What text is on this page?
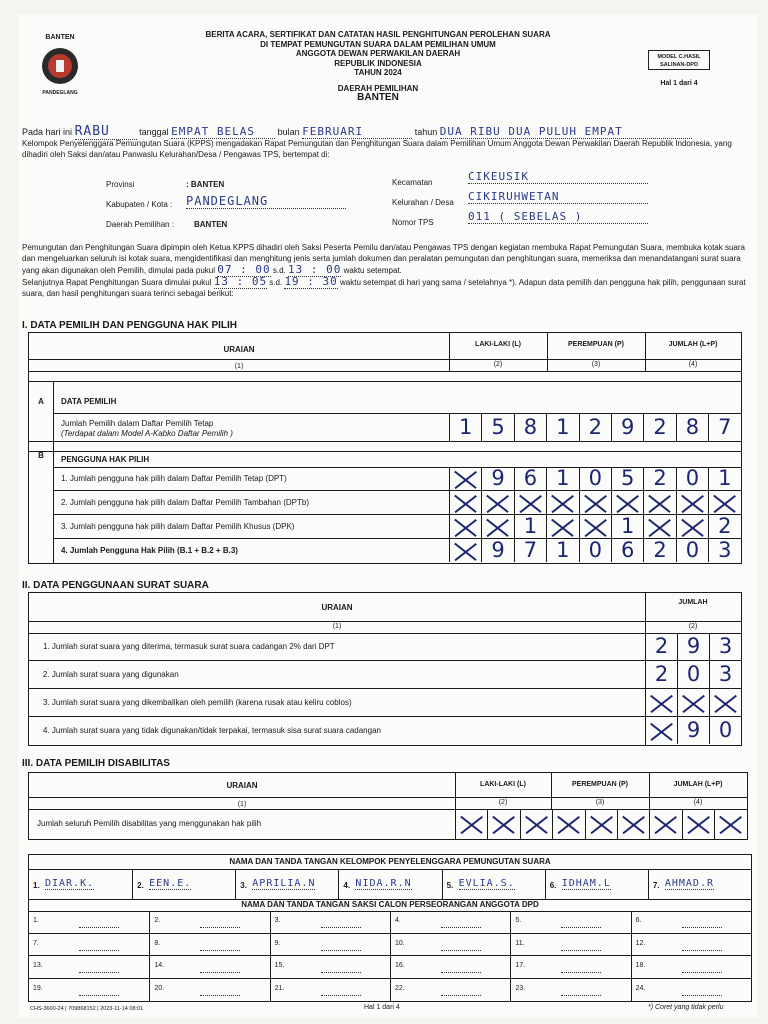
BANTEN
PANDEGLANG
BERITA ACARA, SERTIFIKAT DAN CATATAN HASIL PENGHITUNGAN PEROLEHAN SUARA
DI TEMPAT PEMUNGUTAN SUARA DALAM PEMILIHAN UMUM
ANGGOTA DEWAN PERWAKILAN DAERAH
REPUBLIK INDONESIA
TAHUN 2024
DAERAH PEMILIHAN
BANTEN
MODEL C.HASIL
SALINAN-DPD
Hal 1 dari 4
Pada hari ini RABU	tanggal EMPAT BELAS	bulan FEBRUARI	tahun DUA RIBU DUA PULUH EMPAT
Kelompok Penyelenggara Pemungutan Suara (KPPS) mengadakan Rapat Pemungutan dan Penghitungan Suara dalam Pemilihan Umum Anggota Dewan Perwakilan Daerah Republik Indonesia, yang dihadiri oleh Saksi dan/atau Panwaslu Kelurahan/Desa / Pengawas TPS, bertempat di:
Provinsi	: BANTEN
Kabupaten / Kota : PANDEGLANG
Daerah Pemilihan : BANTEN
Kecamatan	CIKEUSIK
Kelurahan / Desa CIKIRUHWETAN
Nomor TPS	011 ( SEBELAS )
Pemungutan dan Penghitungan Suara dipimpin oleh Ketua KPPS dihadiri oleh Saksi Peserta Pemilu dan/atau Pengawas TPS dengan kegiatan membuka Rapat Pemungutan Suara, membuka kotak suara dan mengeluarkan seluruh isi kotak suara, mengidentifikasi dan menghitung jenis serta jumlah dokumen dan peralatan pemungutan dan penghitungan suara, memeriksa dan menandatangani surat suara yang akan digunakan oleh Pemilih, dimulai pada pukul 07 : 00 s.d. 13 : 00 waktu setempat.
Selanjutnya Rapat Penghitungan Suara dimulai pukul 13 : 05 s.d. 19 : 30 waktu setempat di hari yang sama / setelahnya *). Adapun data pemilih dan pengguna hak pilih, penggunaan surat suara, dan hasil penghitungan suara terinci sebagai berikut:
I. DATA PEMILIH DAN PENGGUNA HAK PILIH
URAIAN
(1)
LAKI-LAKI (L)	PEREMPUAN (P)	JUMLAH (L+P)
(2)	(3)	(4)
A	DATA PEMILIH
Jumlah Pemilih dalam Daftar Pemilih Tetap
(Terdapat dalam Model A-Kabko Daftar Pemilih )	1 5 8 1 2 9 2 8 7
B	PENGGUNA HAK PILIH
1. Jumlah pengguna hak pilih dalam Daftar Pemilih Tetap (DPT)	9 6 1 0 5 2 0 1
2. Jumlah pengguna hak pilih dalam Daftar Pemilih Tambahan (DPTb)
3. Jumlah pengguna hak pilih dalam Daftar Pemilih Khusus (DPK)	1	1	2
4. Jumlah Pengguna Hak Pilih (B.1 + B.2 + B.3)	9 7 1 0 6 2 0 3
II. DATA PENGGUNAAN SURAT SUARA
URAIAN
JUMLAH
(1)	(2)
1. Jumlah surat suara yang diterima, termasuk surat suara cadangan 2% dari DPT	2 9 3
2. Jumlah surat suara yang digunakan	2 0 3
3. Jumlah surat suara yang dikembalikan oleh pemilih (karena rusak atau keliru coblos)
4. Jumlah surat suara yang tidak digunakan/tidak terpakai, termasuk sisa surat suara cadangan	9 0
III. DATA PEMILIH DISABILITAS
URAIAN
(1)
LAKI-LAKI (L)	PEREMPUAN (P)	JUMLAH (L+P)
(2)	(3)	(4)
Jumlah seluruh Pemilih disabilitas yang menggunakan hak pilih
NAMA DAN TANDA TANGAN KELOMPOK PENYELENGGARA PEMUNGUTAN SUARA
1. DIAR.K.	2. EEN.E.	3. APRILIA.N	4. NIDA.R.N	5. EVLIA.S.	6. IDHAM.L	7. AHMAD.R
NAMA DAN TANDA TANGAN SAKSI CALON PERSEORANGAN ANGGOTA DPD
1.	2.	3.	4.	5.	6.
7.	8.	9.	10.	11.	12.
13.	14.	15.	16.	17.	18.
19.	20.	21.	22.	23.	24.
CHS-3600-24 | 709868152 | 2023-11-14 08:01	Hal 1 dari 4	*) Coret yang tidak perlu
